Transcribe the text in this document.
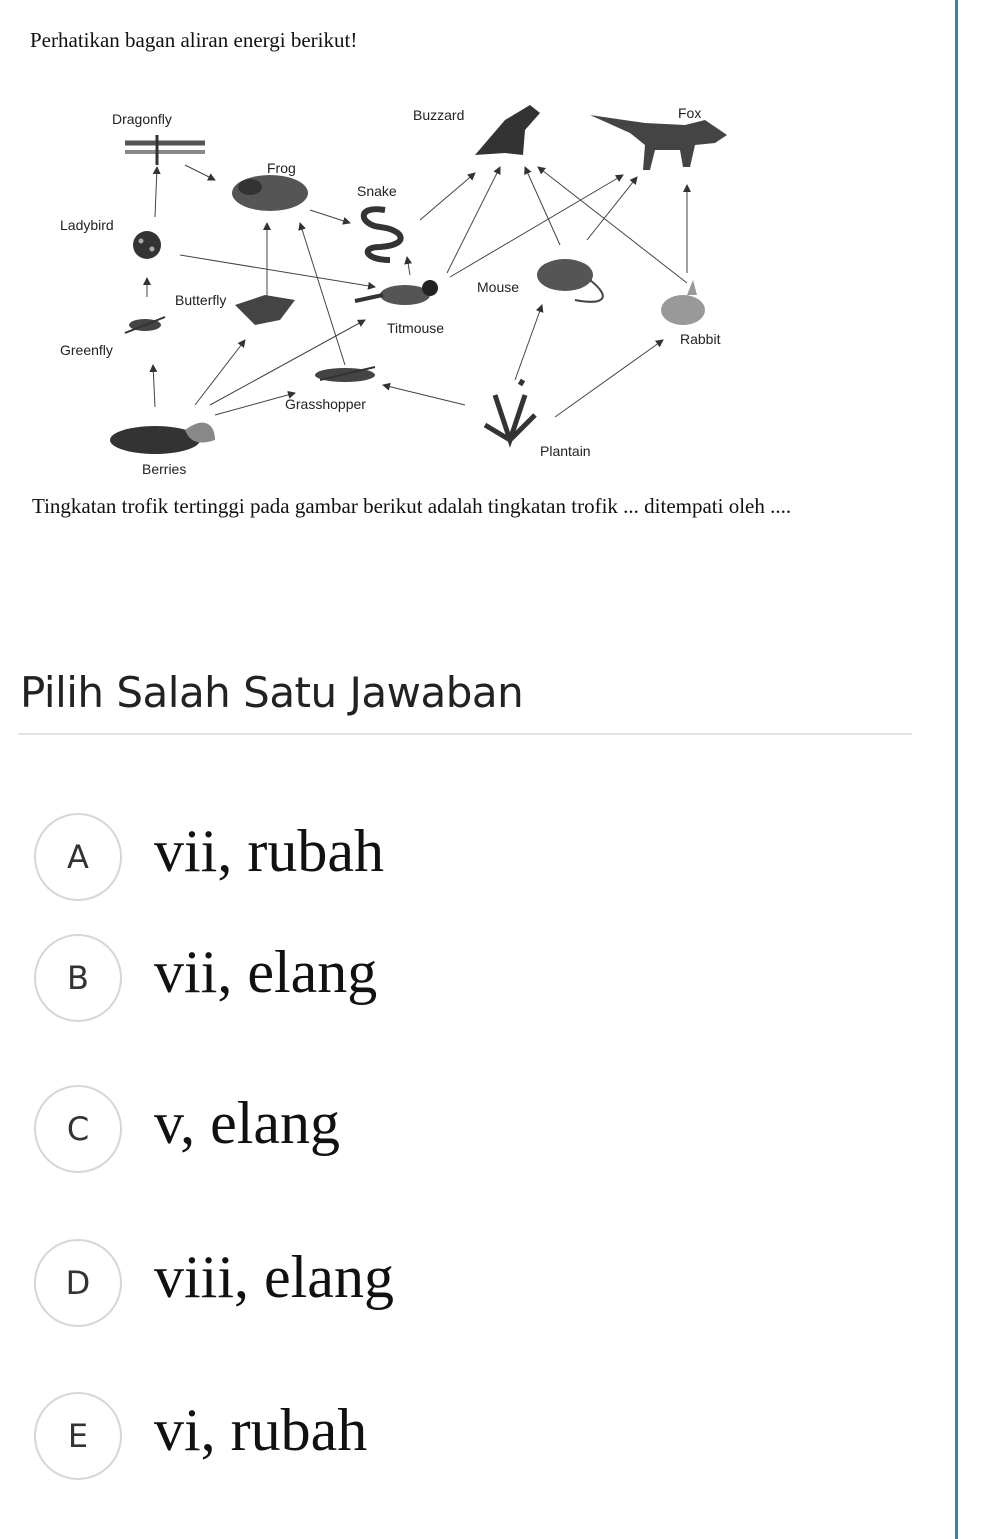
Perhatikan bagan aliran energi berikut!
Dragonfly
Frog
Buzzard	Fox
Snake
Ladybird
Mouse
Butterfly
Titmouse
Rabbit
Greenfly
Grasshopper
Plantain
Berries
Tingkatan trofik tertinggi pada gambar berikut adalah tingkatan trofik ... ditempati oleh ....
Pilih Salah Satu Jawaban
A	vii, rubah
B	vii, elang
C	v, elang
D	viii, elang
E	vi, rubah
